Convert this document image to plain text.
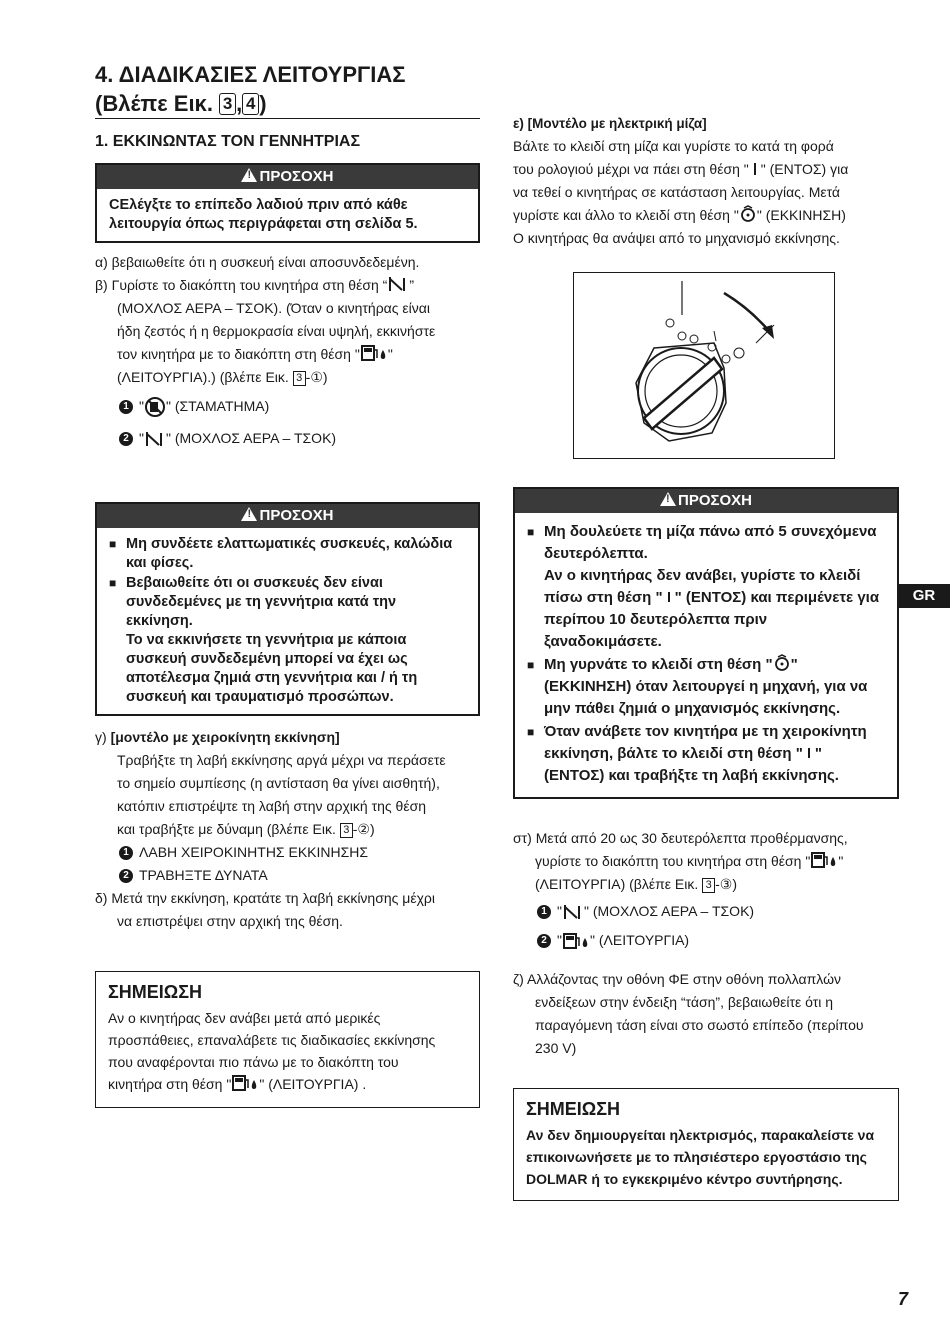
4. ΔΙΑΔΙΚΑΣΙΕΣ ΛΕΙΤΟΥΡΓΙΑΣ
(Βλέπε Εικ. 3 , 4 )
1. ΕΚΚΙΝΩΝΤΑΣ ΤΟΝ ΓΕΝΝΗΤΡΙΑΣ
!ΠΡΟΣΟΧΗ

CEλέγξτε το επίπεδο λαδιού πριν από κάθε λειτουργία όπως περιγράφεται στη σελίδα 5.

α) βεβαιωθείτε ότι η συσκευή είναι αποσυνδεδεμένη.

β) Γυρίστε το διακόπτη του κινητήρα στη θέση “ ”

(ΜΟΧΛΟΣ ΑΕΡΑ – ΤΣΟΚ). (Όταν ο κινητήρας είναι

ήδη ζεστός ή η θερμοκρασία είναι υψηλή, εκκινήστε

τον κινητήρα με το διακόπτη στη θέση " "

(ΛΕΙΤΟΥΡΓΙΑ).) (βλέπε Εικ. 3 -①)

1 " " (ΣΤΑΜΑΤΗΜΑ)
2 " " (ΜΟΧΛΟΣ ΑΕΡΑ – ΤΣΟΚ)
!ΠΡΟΣΟΧΗ
■ Μη συνδέετε ελαττωματικές συσκευές, καλώδια και φίσες.
■ Βεβαιωθείτε ότι οι συσκευές δεν είναι συνδεδεμένες με τη γεννήτρια κατά την εκκίνηση.
Το να εκκινήσετε τη γεννήτρια με κάποια συσκευή συνδεδεμένη μπορεί να έχει ως αποτέλεσμα ζημιά στη γεννήτρια και / ή τη συσκευή και τραυματισμό προσώπων.

γ) [μοντέλο με χειροκίνητη εκκίνηση]

Τραβήξτε τη λαβή εκκίνησης αργά μέχρι να περάσετε

το σημείο συμπίεσης (η αντίσταση θα γίνει αισθητή),

κατόπιν επιστρέψτε τη λαβή στην αρχική της θέση

και τραβήξτε με δύναμη (βλέπε Εικ. 3 -②)

1 ΛΑΒΗ ΧΕΙΡΟΚΙΝΗΤΗΣ ΕΚΚΙΝΗΣΗΣ
2 ΤΡΑΒΗΞΤΕ ΔΥΝΑΤΑ

δ) Μετά την εκκίνηση, κρατάτε τη λαβή εκκίνησης μέχρι

να επιστρέψει στην αρχική της θέση.

ΣΗΜΕΙΩΣΗ
Αν ο κινητήρας δεν ανάβει μετά από μερικές
προσπάθειες, επαναλάβετε τις διαδικασίες εκκίνησης
που αναφέρονται πιο πάνω με το διακόπτη του
κινητήρα στη θέση " " (ΛΕΙΤΟΥΡΓΙΑ) .

ε) [Μοντέλο με ηλεκτρική μίζα]

Βάλτε το κλειδί στη μίζα και γυρίστε το κατά τη φορά

του ρολογιού μέχρι να πάει στη θέση " " (ΕΝΤΟΣ) για

να τεθεί ο κινητήρας σε κατάσταση λειτουργίας. Μετά

γυρίστε και άλλο το κλειδί στη θέση " " (ΕΚΚΙΝΗΣΗ)

Ο κινητήρας θα ανάψει από το μηχανισμό εκκίνησης.

!ΠΡΟΣΟΧΗ
■ Μη δουλεύετε τη μίζα πάνω από 5 συνεχόμενα δευτερόλεπτα.
Αν ο κινητήρας δεν ανάβει, γυρίστε το κλειδί πίσω στη θέση " " (ΕΝΤΟΣ) και περιμένετε για περίπου 10 δευτερόλεπτα πριν ξαναδοκιμάσετε.
■ Μη γυρνάτε το κλειδί στη θέση " " (ΕΚΚΙΝΗΣΗ) όταν λειτουργεί η μηχανή, για να μην πάθει ζημιά ο μηχανισμός εκκίνησης.
■ Όταν ανάβετε τον κινητήρα με τη χειροκίνητη εκκίνηση, βάλτε το κλειδί στη θέση " " (ΕΝΤΟΣ) και τραβήξτε τη λαβή εκκίνησης.

στ) Μετά από 20 ως 30 δευτερόλεπτα προθέρμανσης,

γυρίστε το διακόπτη του κινητήρα στη θέση " "

(ΛΕΙΤΟΥΡΓΙΑ) (βλέπε Εικ. 3 -③)

1 " " (ΜΟΧΛΟΣ ΑΕΡΑ – ΤΣΟΚ)
2 " " (ΛΕΙΤΟΥΡΓΙΑ)

ζ) Αλλάζοντας την οθόνη ΦΕ στην οθόνη πολλαπλών

ενδείξεων στην ένδειξη “τάση”, βεβαιωθείτε ότι η

παραγόμενη τάση είναι στο σωστό επίπεδο (περίπου

230 V)

ΣΗΜΕΙΩΣΗ
Αν δεν δημιουργείται ηλεκτρισμός, παρακαλείστε να επικοινωνήσετε με το πλησιέστερο εργοστάσιο της DOLMAR ή το εγκεκριμένο κέντρο συντήρησης.
GR
7
